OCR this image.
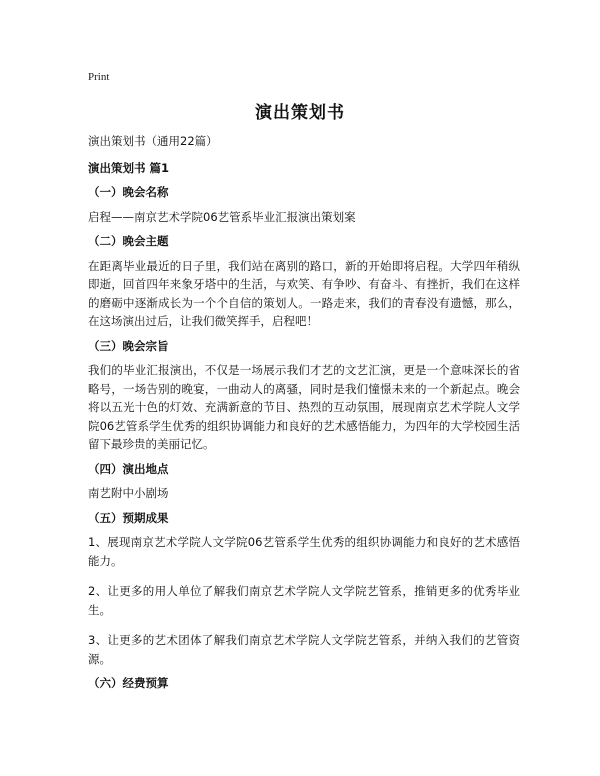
Print
演出策划书

演出策划书（通用22篇）

演出策划书 篇1

（一）晚会名称

启程——南京艺术学院06艺管系毕业汇报演出策划案

（二）晚会主题

在距离毕业最近的日子里，我们站在离别的路口，新的开始即将启程。大学四年稍纵即逝，回首四年来象牙塔中的生活，与欢笑、有争吵、有奋斗、有挫折，我们在这样的磨砺中逐渐成长为一个个自信的策划人。一路走来，我们的青春没有遗憾，那么，在这场演出过后，让我们微笑挥手，启程吧！

（三）晚会宗旨

我们的毕业汇报演出，不仅是一场展示我们才艺的文艺汇演，更是一个意味深长的省略号，一场告别的晚宴，一曲动人的离骚，同时是我们憧憬未来的一个新起点。晚会将以五光十色的灯效、充满新意的节目、热烈的互动氛围，展现南京艺术学院人文学院06艺管系学生优秀的组织协调能力和良好的艺术感悟能力，为四年的大学校园生活留下最珍贵的美丽记忆。

（四）演出地点

南艺附中小剧场

（五）预期成果

1、展现南京艺术学院人文学院06艺管系学生优秀的组织协调能力和良好的艺术感悟能力。

2、让更多的用人单位了解我们南京艺术学院人文学院艺管系，推销更多的优秀毕业生。

3、让更多的艺术团体了解我们南京艺术学院人文学院艺管系，并纳入我们的艺管资源。

（六）经费预算
